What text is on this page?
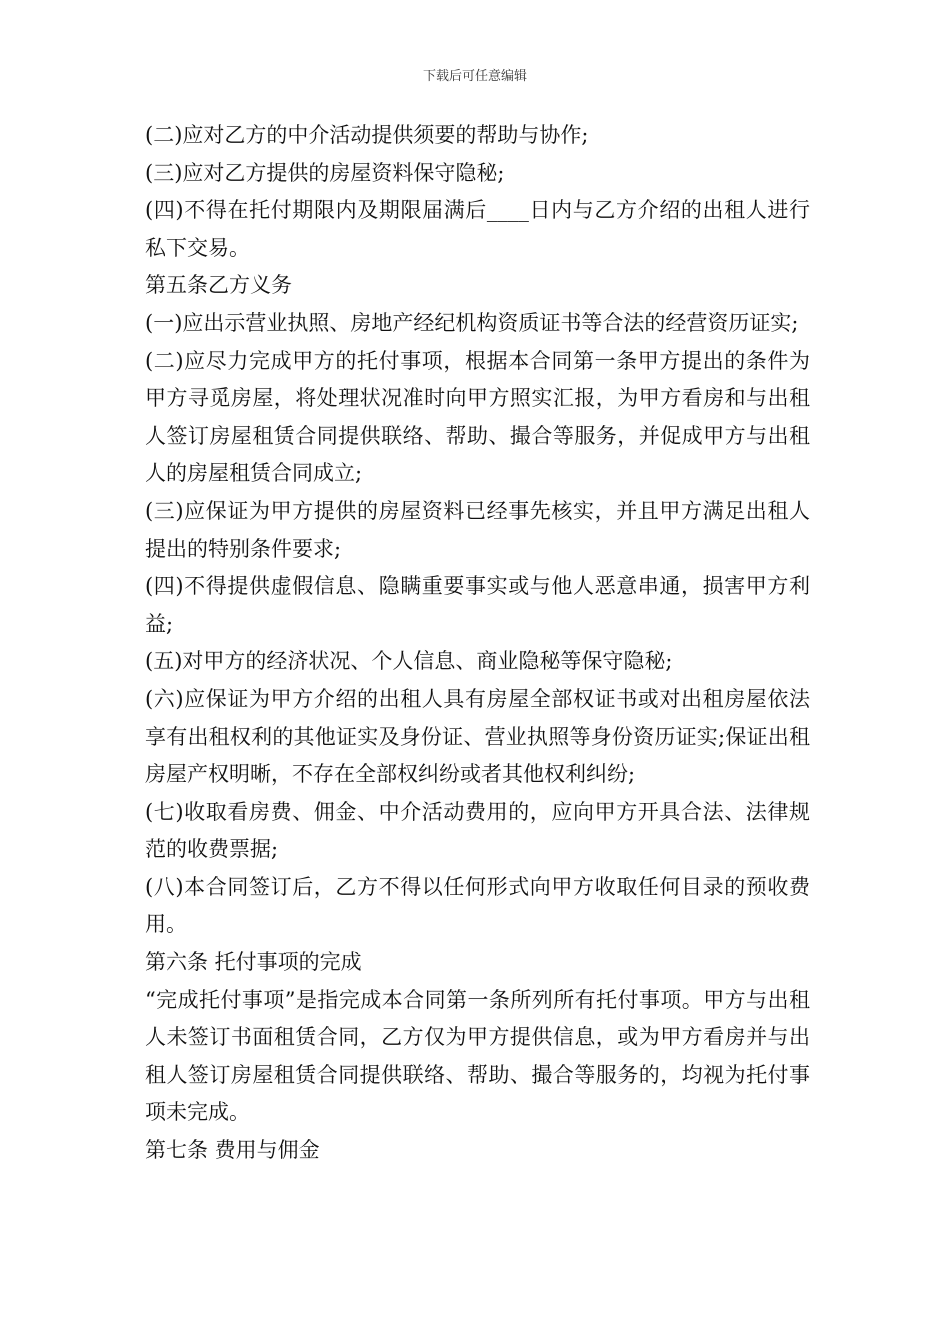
下载后可任意编辑

(二)应对乙方的中介活动提供须要的帮助与协作;

(三)应对乙方提供的房屋资料保守隐秘;

(四)不得在托付期限内及期限届满后____日内与乙方介绍的出租人进行私下交易。

第五条乙方义务

(一)应出示营业执照、房地产经纪机构资质证书等合法的经营资历证实;

(二)应尽力完成甲方的托付事项，根据本合同第一条甲方提出的条件为甲方寻觅房屋，将处理状况准时向甲方照实汇报，为甲方看房和与出租人签订房屋租赁合同提供联络、帮助、撮合等服务，并促成甲方与出租人的房屋租赁合同成立;

(三)应保证为甲方提供的房屋资料已经事先核实，并且甲方满足出租人提出的特别条件要求;

(四)不得提供虚假信息、隐瞒重要事实或与他人恶意串通，损害甲方利益;

(五)对甲方的经济状况、个人信息、商业隐秘等保守隐秘;

(六)应保证为甲方介绍的出租人具有房屋全部权证书或对出租房屋依法享有出租权利的其他证实及身份证、营业执照等身份资历证实;保证出租房屋产权明晰，不存在全部权纠纷或者其他权利纠纷;

(七)收取看房费、佣金、中介活动费用的，应向甲方开具合法、法律规范的收费票据;

(八)本合同签订后，乙方不得以任何形式向甲方收取任何目录的预收费用。

第六条 托付事项的完成

“完成托付事项”是指完成本合同第一条所列所有托付事项。甲方与出租人未签订书面租赁合同，乙方仅为甲方提供信息，或为甲方看房并与出租人签订房屋租赁合同提供联络、帮助、撮合等服务的，均视为托付事项未完成。

第七条 费用与佣金
